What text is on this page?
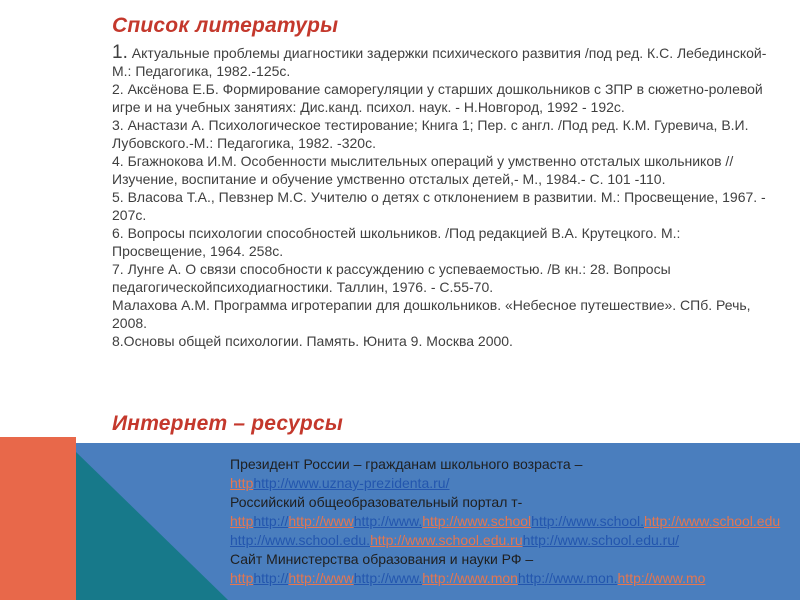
Список литературы

1. Актуальные проблемы диагностики задержки психического развития /под ред. К.С. Лебединской-М.: Педагогика, 1982.-125с.

2. Аксёнова Е.Б. Формирование саморегуляции у старших дошкольников с ЗПР в сюжетно-ролевой игре и на учебных занятиях: Дис.канд. психол. наук. - Н.Новгород, 1992 - 192с.

3. Анастази А. Психологическое тестирование; Книга 1; Пер. с англ. /Под ред. К.М. Гуревича, В.И. Лубовского.-М.: Педагогика, 1982. -320с.

4. Бгажнокова И.М. Особенности мыслительных операций у умственно отсталых школьников //Изучение, воспитание и обучение умственно отсталых детей,- М., 1984.- С. 101 -110.

5. Власова Т.А., Певзнер М.С. Учителю о детях с отклонением в развитии. М.: Просвещение, 1967. - 207с.

6. Вопросы психологии способностей школьников. /Под редакцией В.А. Крутецкого. М.: Просвещение, 1964. 258с.

7. Лунге А. О связи способности к рассуждению с успеваемостью. /В кн.: 28. Вопросы педагогическойпсиходиагностики. Таллин, 1976. - С.55-70.

Малахова А.М. Программа игротерапии для дошкольников. «Небесное путешествие». СПб. Речь, 2008.

8.Основы общей психологии. Память. Юнита 9. Москва 2000.

Интернет – ресурсы

Президент России – гражданам школьного возраста –
httphttp://www.uznay-prezidenta.ru/

Российский общеобразовательный портал т-
httphttp://http://wwwhttp://www.http://www.schoolhttp://www.school.http://www.school.eduhttp://www.school.edu.http://www.school.edu.ruhttp://www.school.edu.ru/

Сайт Министерства образования и науки РФ –
httphttp://http://wwwhttp://www.http://www.monhttp://www.mon.http://www.mo
